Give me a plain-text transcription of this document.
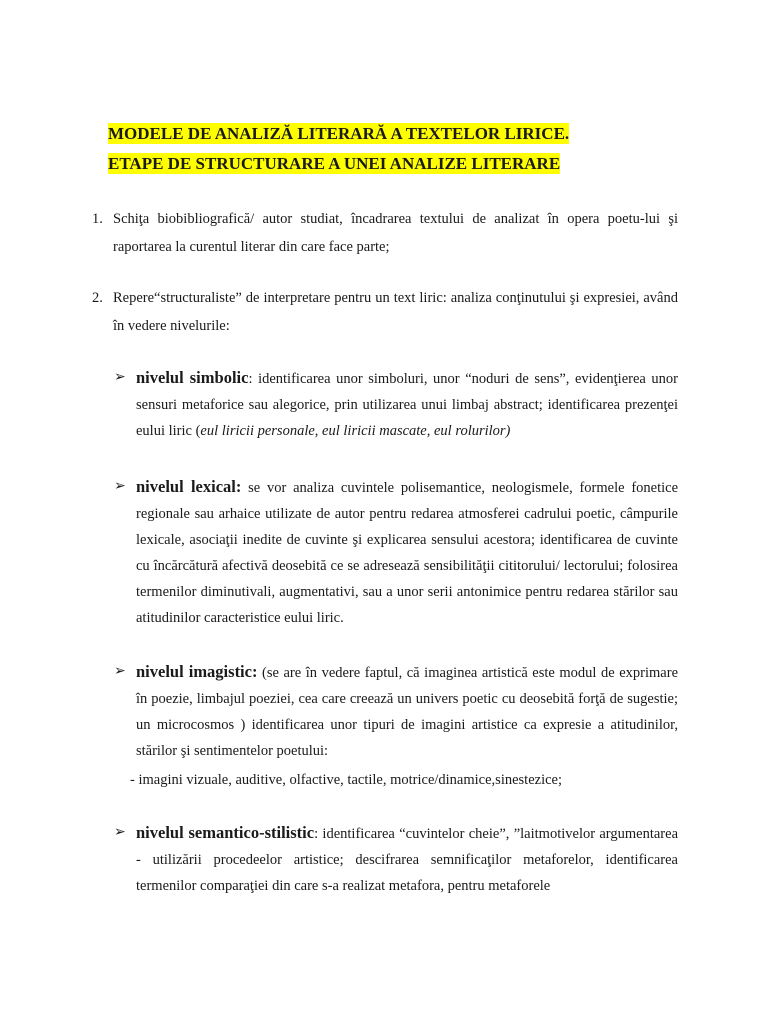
MODELE DE ANALIZĂ LITERARĂ A TEXTELOR LIRICE.
ETAPE DE STRUCTURARE A UNEI ANALIZE LITERARE
1. Schiţa biobibliografică/ autor studiat, încadrarea textului de analizat în opera poetu-lui şi raportarea la curentul literar din care face parte;
2. Repere“structuraliste” de interpretare pentru un text liric: analiza conţinutului şi expresiei, având în vedere nivelurile:
➢ nivelul simbolic: identificarea unor simboluri, unor “noduri de sens”, evidenţierea unor sensuri metaforice sau alegorice, prin utilizarea unui limbaj abstract; identificarea prezenţei eului liric (eul liricii personale, eul liricii mascate, eul rolurilor)
➢ nivelul lexical: se vor analiza cuvintele polisemantice, neologismele, formele fonetice regionale sau arhaice utilizate de autor pentru redarea atmosferei cadrului poetic, câmpurile lexicale, asociaţii inedite de cuvinte şi explicarea sensului acestora; identificarea de cuvinte cu încărcătură afectivă deosebită ce se adresează sensibilităţii cititorului/ lectorului; folosirea termenilor diminutivali, augmentativi, sau a unor serii antonimice pentru redarea stărilor sau atitudinilor caracteristice eului liric.
➢ nivelul imagistic: (se are în vedere faptul, că imaginea artistică este modul de exprimare în poezie, limbajul poeziei, cea care creează un univers poetic cu deosebită forţă de sugestie; un microcosmos ) identificarea unor tipuri de imagini artistice ca expresie a atitudinilor, stărilor şi sentimentelor poetului:
- imagini vizuale, auditive, olfactive, tactile, motrice/dinamice,sinestezice;
➢ nivelul semantico-stilistic: identificarea “cuvintelor cheie”, ”laitmotivelor argumentarea - utilizării procedeelor artistice; descifrarea semnificaţilor metaforelor, identificarea termenilor comparaţiei din care s-a realizat metafora, pentru metaforele
